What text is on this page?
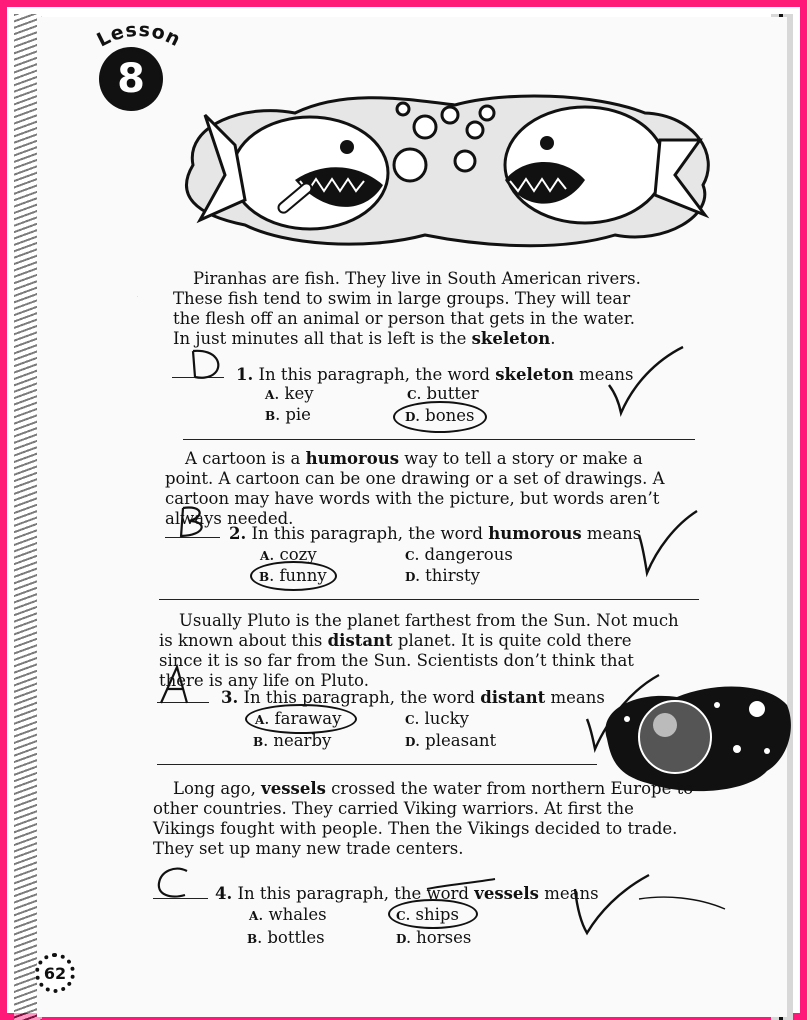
Lesson
8
Piranhas are fish. They live in South American rivers. These fish tend to swim in large groups. They will tear the flesh off an animal or person that gets in the water. In just minutes all that is left is the skeleton.
D
1. In this paragraph, the word skeleton means
A. key	C. butter
B. pie	D. bones
A cartoon is a humorous way to tell a story or make a point. A cartoon can be one drawing or a set of drawings. A cartoon may have words with the picture, but words aren’t always needed.
2. In this paragraph, the word humorous means
A. cozy	C. dangerous
B. funny	D. thirsty
Usually Pluto is the planet farthest from the Sun. Not much is known about this distant planet. It is quite cold there since it is so far from the Sun. Scientists don’t think that there is any life on Pluto.
3. In this paragraph, the word distant means
A. faraway	C. lucky
B. nearby	D. pleasant
Long ago, vessels crossed the water from northern Europe to other countries. They carried Viking warriors. At first the Vikings fought with people. Then the Vikings decided to trade. They set up many new trade centers.
4. In this paragraph, the word vessels means
A. whales	C. ships
B. bottles	D. horses
62
